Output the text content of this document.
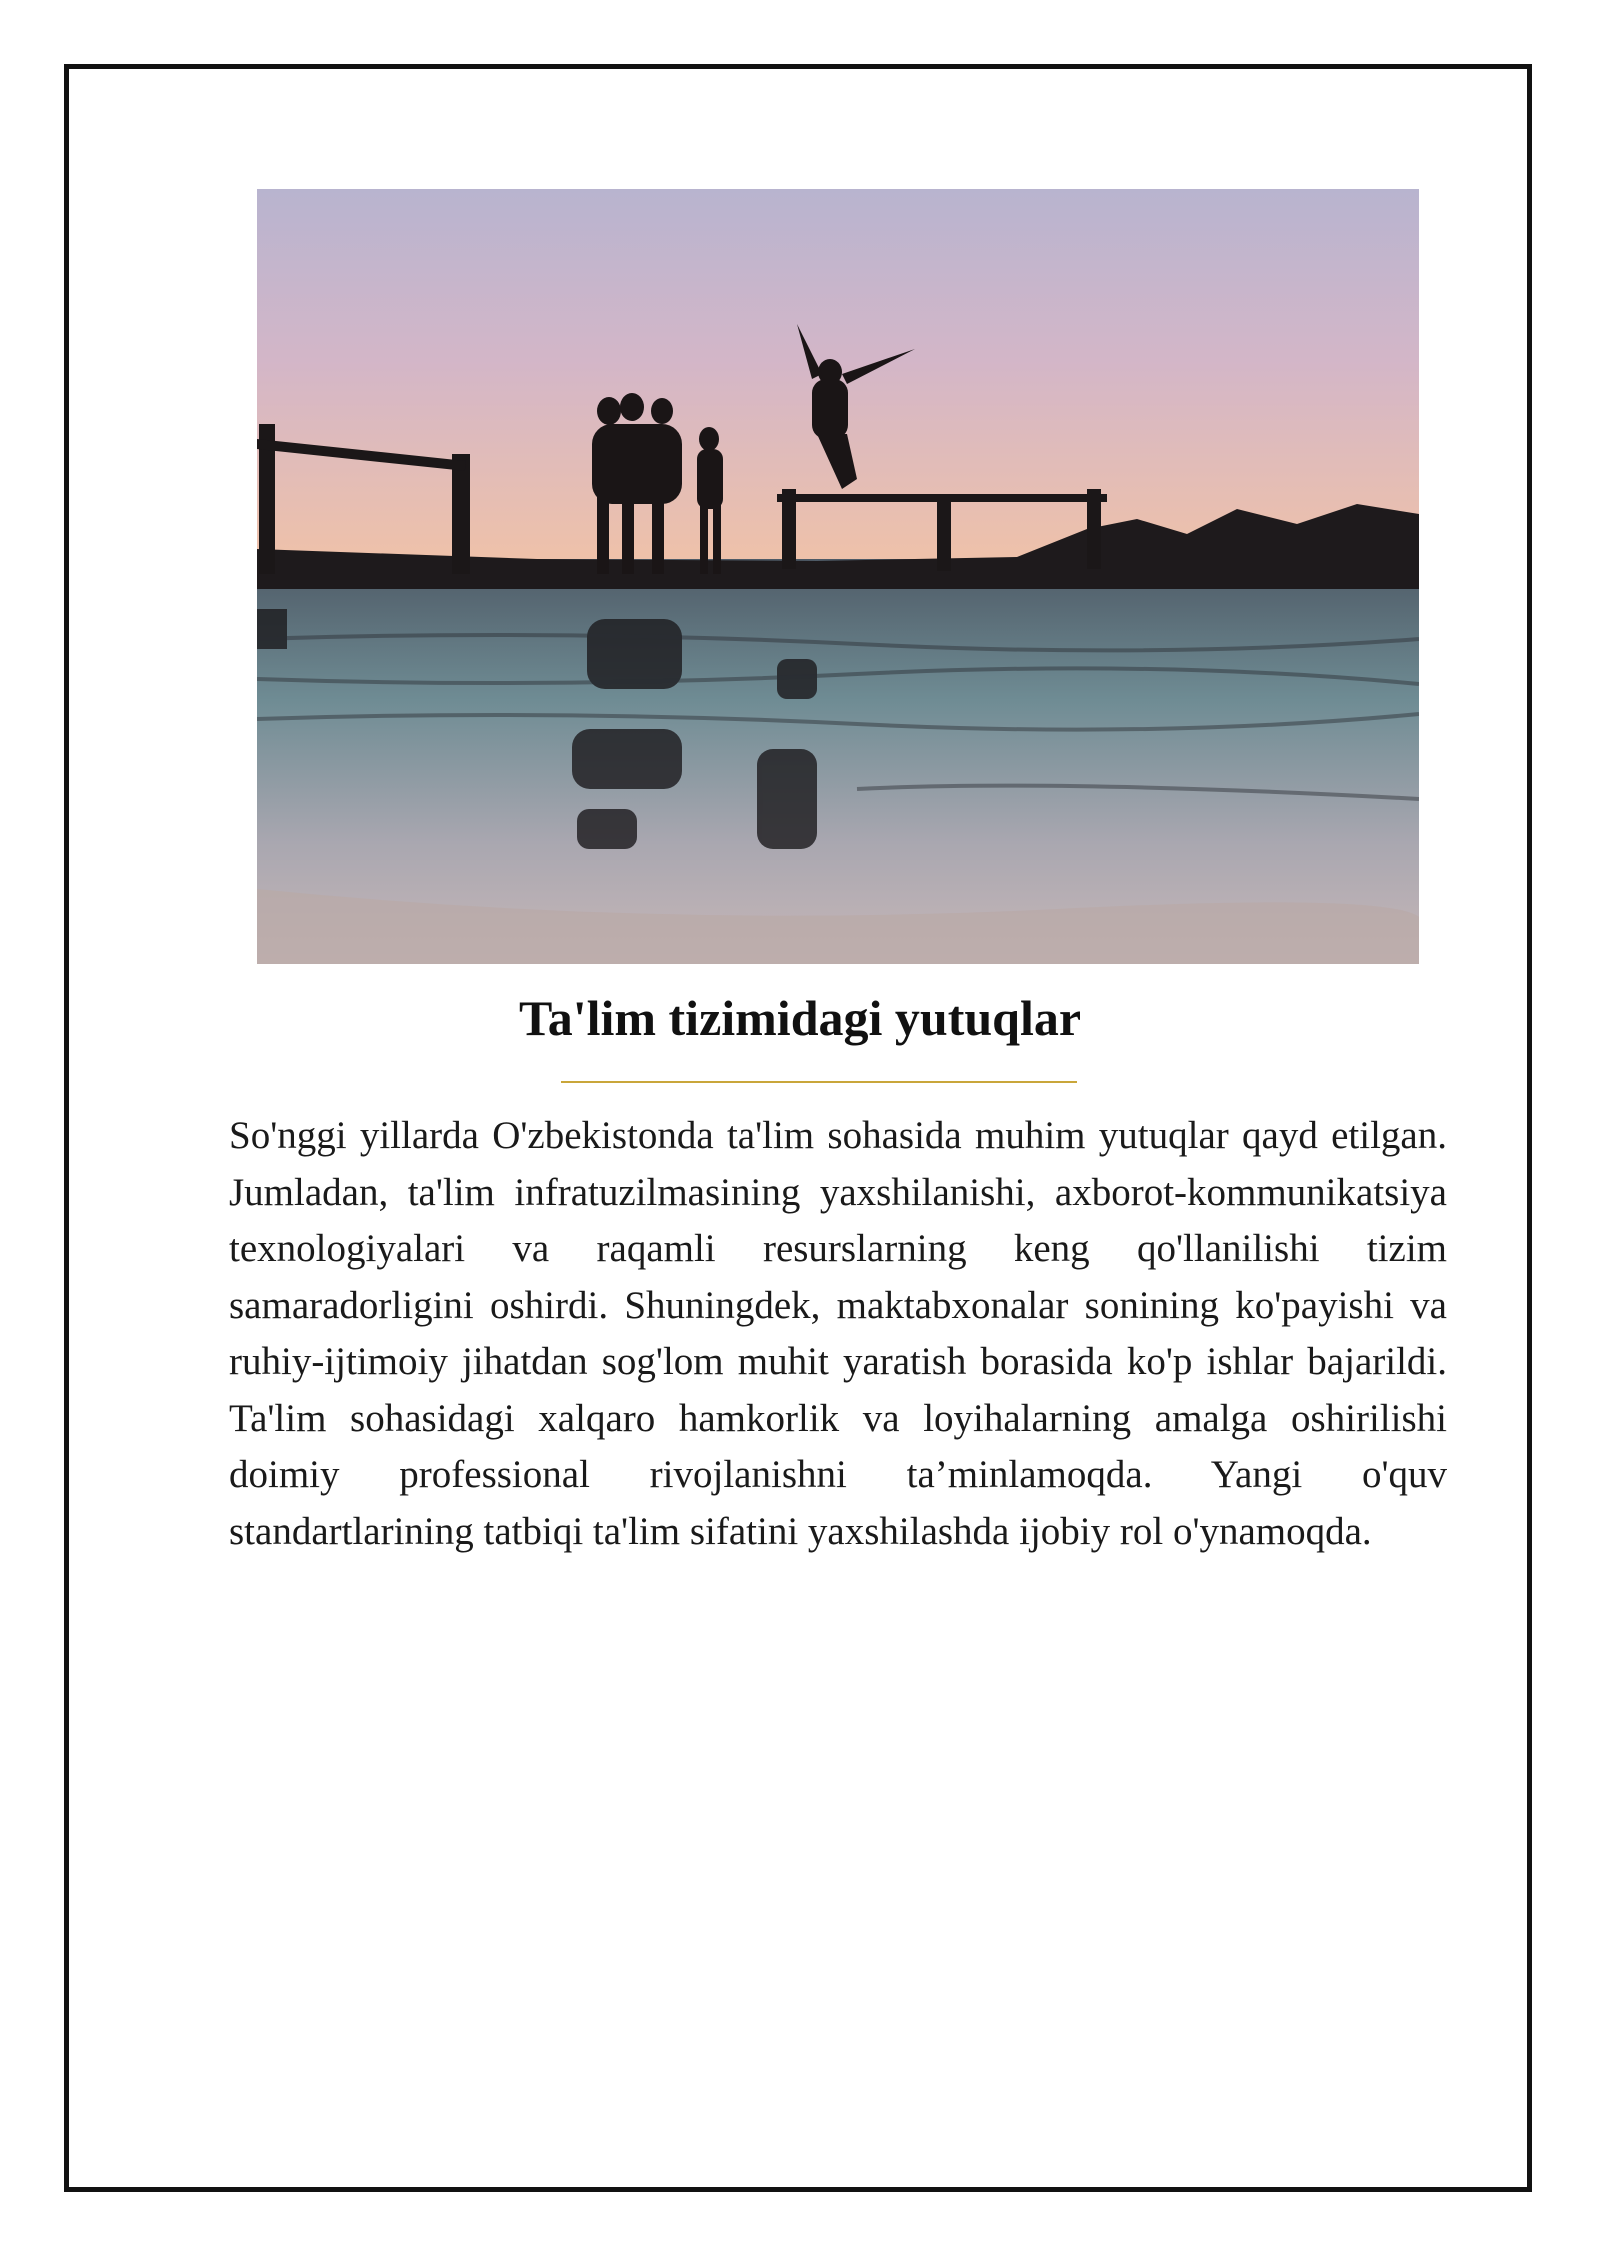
Ta'lim tizimidagi yutuqlar

So'nggi yillarda O'zbekistonda ta'lim sohasida muhim yutuqlar qayd etilgan. Jumladan, ta'lim infratuzilmasining yaxshilanishi, axborot-kommunikatsiya texnologiyalari va raqamli resurslarning keng qo'llanilishi tizim samaradorligini oshirdi. Shuningdek, maktabxonalar sonining ko'payishi va ruhiy-ijtimoiy jihatdan sog'lom muhit yaratish borasida ko'p ishlar bajarildi. Ta'lim sohasidagi xalqaro hamkorlik va loyihalarning amalga oshirilishi doimiy professional rivojlanishni ta’minlamoqda. Yangi o'quv standartlarining tatbiqi ta'lim sifatini yaxshilashda ijobiy rol o'ynamoqda.
